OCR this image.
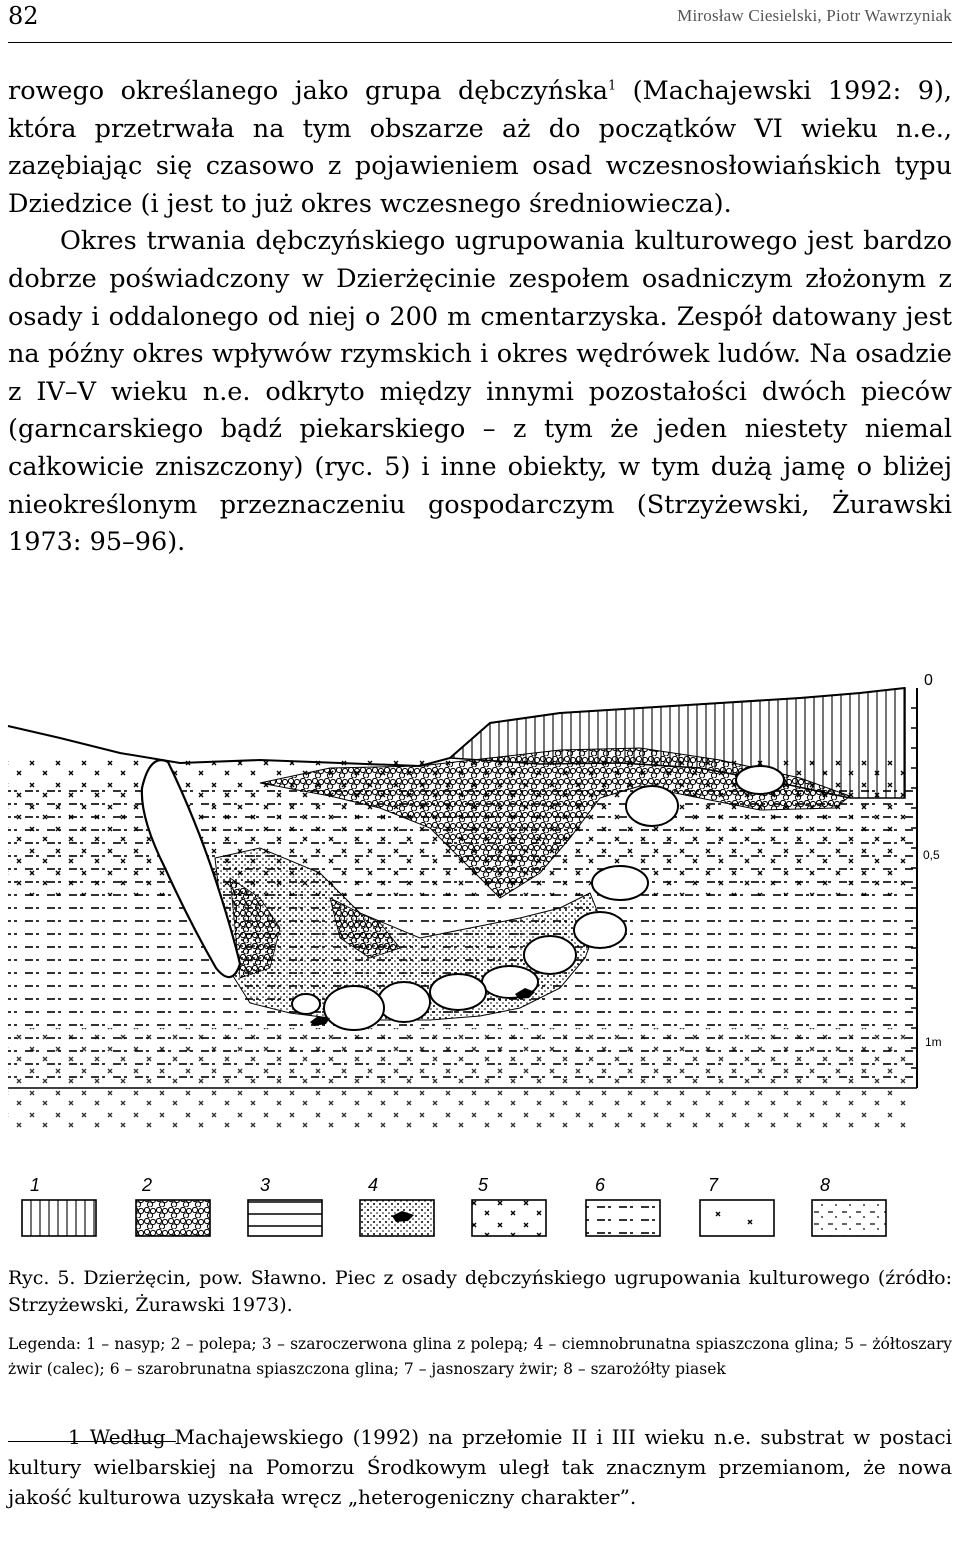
82	Mirosław Ciesielski, Piotr Wawrzyniak

rowego określanego jako grupa dębczyńska$^1$ (Machajewski 1992: 9), która przetrwała na tym obszarze aż do początków VI wieku n.e., zazębiając się czasowo z pojawieniem osad wczesnosłowiańskich typu Dziedzice (i jest to już okres wczesnego średniowiecza).

Okres trwania dębczyńskiego ugrupowania kulturowego jest bardzo dobrze poświadczony w Dzierżęcinie zespołem osadniczym złożonym z osady i oddalonego od niej o 200 m cmentarzyska. Zespół datowany jest na późny okres wpływów rzymskich i okres wędrówek ludów. Na osadzie z IV–V wieku n.e. odkryto między innymi pozostałości dwóch pieców (garncarskiego bądź piekarskiego – z tym że jeden niestety niemal całkowicie zniszczony) (ryc. 5) i inne obiekty, w tym dużą jamę o bliżej nieokreślonym przeznaczeniu gospodarczym (Strzyżewski, Żurawski 1973: 95–96).

0
0,5
1m
1	2	3	4	5	6	7	8

Ryc. 5. Dzierżęcin, pow. Sławno. Piec z osady dębczyńskiego ugrupowania kulturowego (źródło: Strzyżewski, Żurawski 1973).

Legenda: 1 – nasyp; 2 – polepa; 3 – szaroczerwona glina z polepą; 4 – ciemnobrunatna spiaszczona glina; 5 – żółtoszary żwir (calec); 6 – szarobrunatna spiaszczona glina; 7 – jasnoszary żwir; 8 – szarożółty piasek

1 Według Machajewskiego (1992) na przełomie II i III wieku n.e. substrat w postaci kultury wielbarskiej na Pomorzu Środkowym uległ tak znacznym przemianom, że nowa jakość kulturowa uzyskała wręcz „heterogeniczny charakter”.
